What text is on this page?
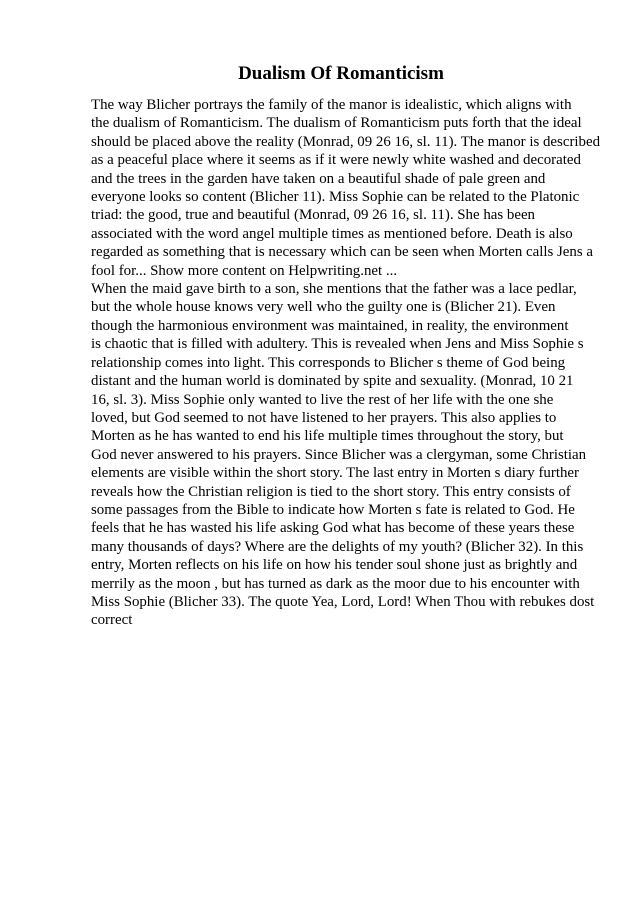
Dualism Of Romanticism
The way Blicher portrays the family of the manor is idealistic, which aligns with
the dualism of Romanticism. The dualism of Romanticism puts forth that the ideal
should be placed above the reality (Monrad, 09 26 16, sl. 11). The manor is described
as a peaceful place where it seems as if it were newly white washed and decorated
and the trees in the garden have taken on a beautiful shade of pale green and
everyone looks so content (Blicher 11). Miss Sophie can be related to the Platonic
triad: the good, true and beautiful (Monrad, 09 26 16, sl. 11). She has been
associated with the word angel multiple times as mentioned before. Death is also
regarded as something that is necessary which can be seen when Morten calls Jens a
fool for... Show more content on Helpwriting.net ...
When the maid gave birth to a son, she mentions that the father was a lace pedlar,
but the whole house knows very well who the guilty one is (Blicher 21). Even
though the harmonious environment was maintained, in reality, the environment
is chaotic that is filled with adultery. This is revealed when Jens and Miss Sophie s
relationship comes into light. This corresponds to Blicher s theme of God being
distant and the human world is dominated by spite and sexuality. (Monrad, 10 21
16, sl. 3). Miss Sophie only wanted to live the rest of her life with the one she
loved, but God seemed to not have listened to her prayers. This also applies to
Morten as he has wanted to end his life multiple times throughout the story, but
God never answered to his prayers. Since Blicher was a clergyman, some Christian
elements are visible within the short story. The last entry in Morten s diary further
reveals how the Christian religion is tied to the short story. This entry consists of
some passages from the Bible to indicate how Morten s fate is related to God. He
feels that he has wasted his life asking God what has become of these years these
many thousands of days? Where are the delights of my youth? (Blicher 32). In this
entry, Morten reflects on his life on how his tender soul shone just as brightly and
merrily as the moon , but has turned as dark as the moor due to his encounter with
Miss Sophie (Blicher 33). The quote Yea, Lord, Lord! When Thou with rebukes dost
correct
